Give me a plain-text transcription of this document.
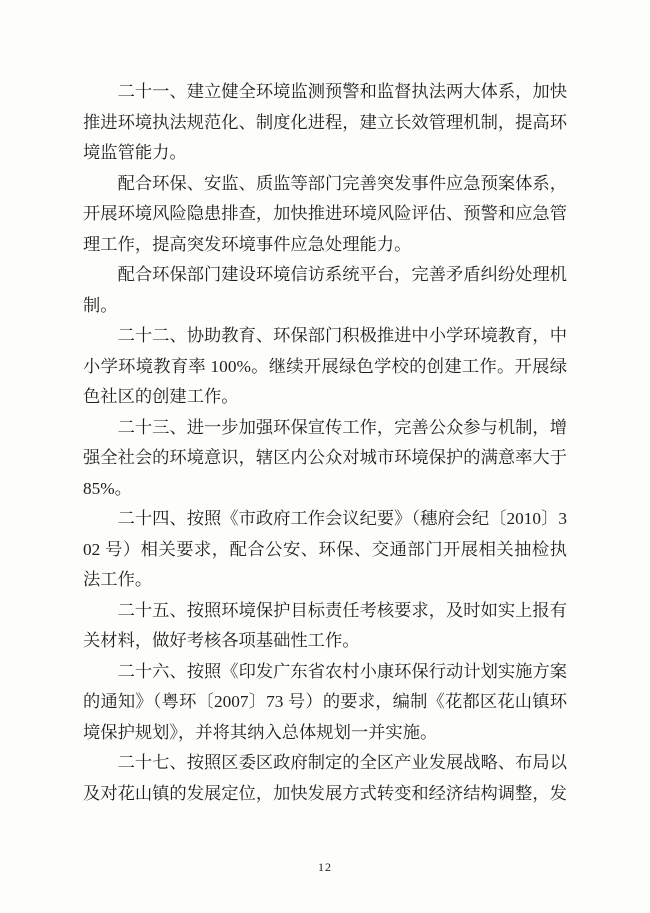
二十一、建立健全环境监测预警和监督执法两大体系，加快推进环境执法规范化、制度化进程，建立长效管理机制，提高环境监管能力。

配合环保、安监、质监等部门完善突发事件应急预案体系，开展环境风险隐患排查，加快推进环境风险评估、预警和应急管理工作，提高突发环境事件应急处理能力。

配合环保部门建设环境信访系统平台，完善矛盾纠纷处理机制。

二十二、协助教育、环保部门积极推进中小学环境教育，中小学环境教育率 100%。继续开展绿色学校的创建工作。开展绿色社区的创建工作。

二十三、进一步加强环保宣传工作，完善公众参与机制，增强全社会的环境意识，辖区内公众对城市环境保护的满意率大于85%。

二十四、按照《市政府工作会议纪要》（穗府会纪〔2010〕302 号）相关要求，配合公安、环保、交通部门开展相关抽检执法工作。

二十五、按照环境保护目标责任考核要求，及时如实上报有关材料，做好考核各项基础性工作。

二十六、按照《印发广东省农村小康环保行动计划实施方案的通知》（粤环〔2007〕73 号）的要求，编制《花都区花山镇环境保护规划》，并将其纳入总体规划一并实施。

二十七、按照区委区政府制定的全区产业发展战略、布局以及对花山镇的发展定位，加快发展方式转变和经济结构调整，发

12
